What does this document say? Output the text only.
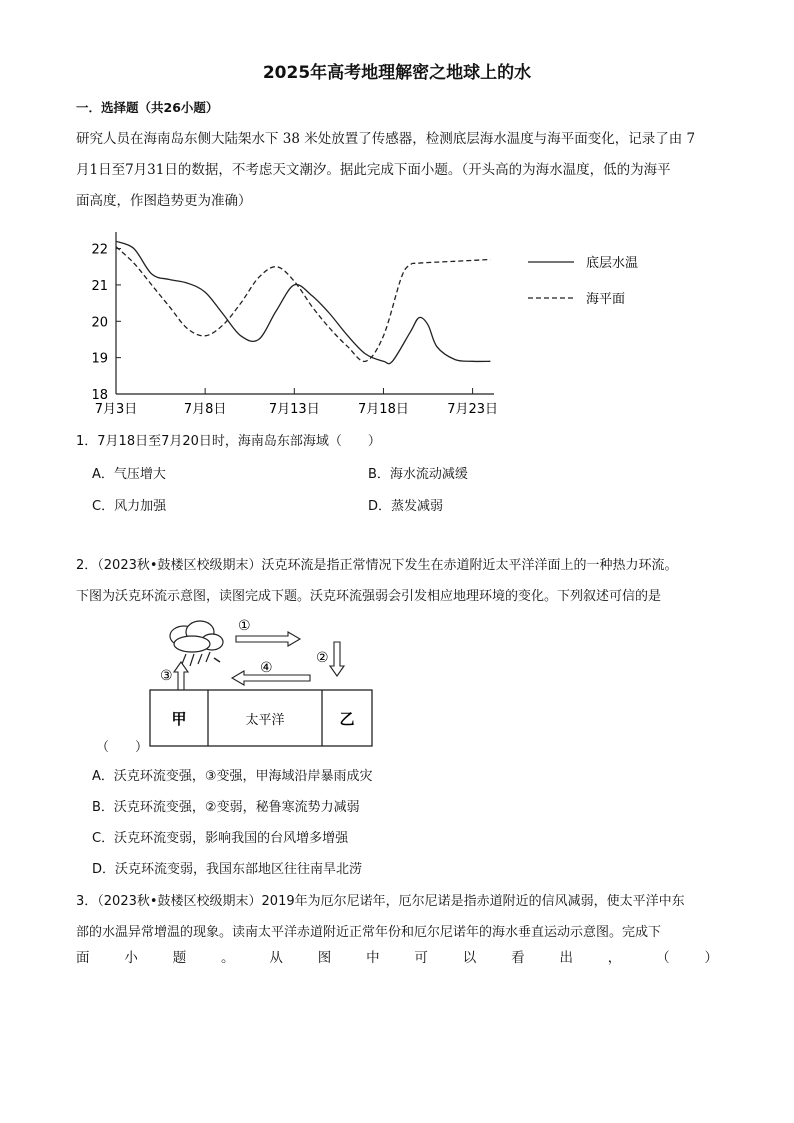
2025年高考地理解密之地球上的水
一．选择题（共26小题）
研究人员在海南岛东侧大陆架水下 38 米处放置了传感器，检测底层海水温度与海平面变化，记录了由 7
月1日至7月31日的数据，不考虑天文潮汐。据此完成下面小题。（开头高的为海水温度，低的为海平
面高度，作图趋势更为准确）
18
19
20
21
22
7月3日	7月8日	7月13日	7月18日	7月23日
底层水温
海平面
1．7月18日至7月20日时，海南岛东部海域（　　）
A．气压增大	B．海水流动减缓
C．风力加强	D．蒸发减弱
2．（2023秋•鼓楼区校级期末）沃克环流是指正常情况下发生在赤道附近太平洋洋面上的一种热力环流。
下图为沃克环流示意图，读图完成下题。沃克环流强弱会引发相应地理环境的变化。下列叙述可信的是
①
②
④
③
甲	太平洋	乙
（　　）
A．沃克环流变强，③变强，甲海域沿岸暴雨成灾
B．沃克环流变强，②变弱，秘鲁寒流势力减弱
C．沃克环流变弱，影响我国的台风增多增强
D．沃克环流变弱，我国东部地区往往南旱北涝
3．（2023秋•鼓楼区校级期末）2019年为厄尔尼诺年，厄尔尼诺是指赤道附近的信风减弱，使太平洋中东
部的水温异常增温的现象。读南太平洋赤道附近正常年份和厄尔尼诺年的海水垂直运动示意图。完成下
面	小	题	。	从	图	中	可	以	看	出	，	（	）
